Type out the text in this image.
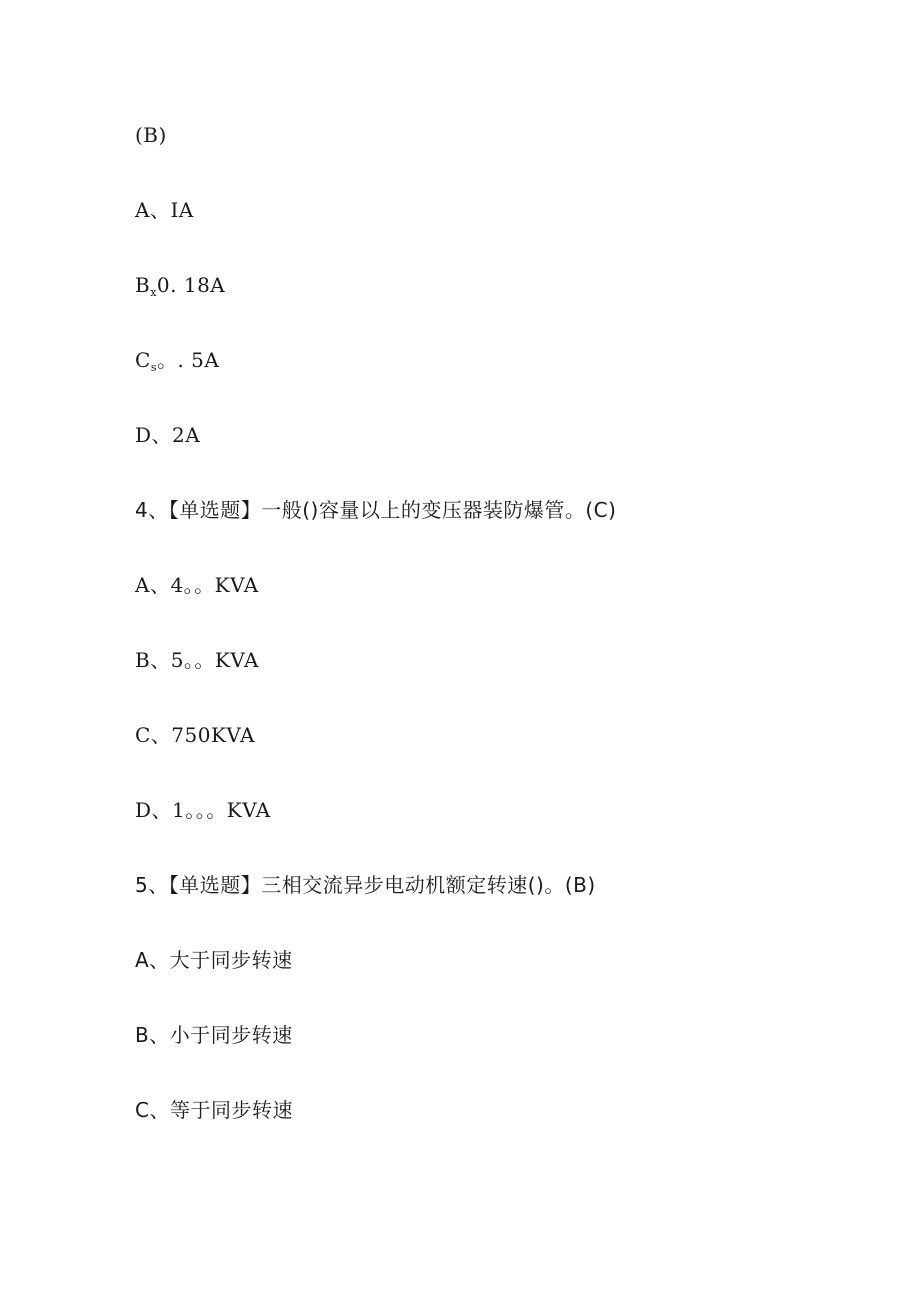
(B)
A、IA
$B_x0$. 18A
$C_s$。. 5A
D、2A
4、【单选题】一般()容量以上的变压器装防爆管。(C)
A、4。。KVA
B、5。。KVA
C、750KVA
D、1。。。KVA
5、【单选题】三相交流异步电动机额定转速()。(B)
A、大于同步转速
B、小于同步转速
C、等于同步转速
